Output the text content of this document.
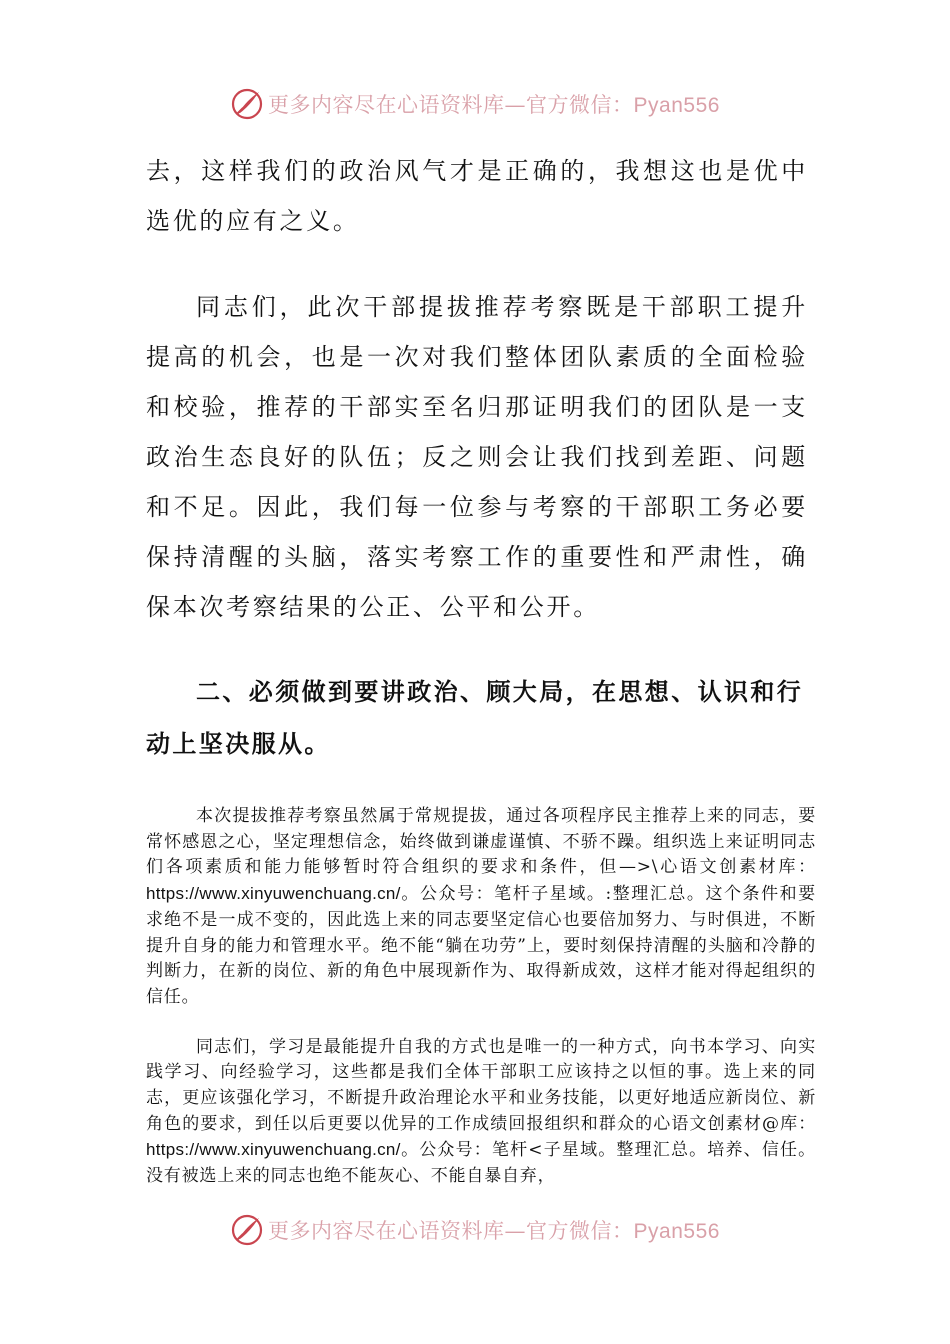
更多内容尽在心语资料库—官方微信：Pyan556

去，这样我们的政治风气才是正确的，我想这也是优中选优的应有之义。

同志们，此次干部提拔推荐考察既是干部职工提升提高的机会，也是一次对我们整体团队素质的全面检验和校验，推荐的干部实至名归那证明我们的团队是一支政治生态良好的队伍；反之则会让我们找到差距、问题和不足。因此，我们每一位参与考察的干部职工务必要保持清醒的头脑，落实考察工作的重要性和严肃性，确保本次考察结果的公正、公平和公开。

二、必须做到要讲政治、顾大局，在思想、认识和行动上坚决服从。

本次提拔推荐考察虽然属于常规提拔，通过各项程序民主推荐上来的同志，要常怀感恩之心，坚定理想信念，始终做到谦虚谨慎、不骄不躁。组织选上来证明同志们各项素质和能力能够暂时符合组织的要求和条件，但—>\心语文创素材库：https://www.xinyuwenchuang.cn/。公众号：笔杆子星域。:整理汇总。这个条件和要求绝不是一成不变的，因此选上来的同志要坚定信心也要倍加努力、与时俱进，不断提升自身的能力和管理水平。绝不能“躺在功劳”上，要时刻保持清醒的头脑和冷静的判断力，在新的岗位、新的角色中展现新作为、取得新成效，这样才能对得起组织的信任。

同志们，学习是最能提升自我的方式也是唯一的一种方式，向书本学习、向实践学习、向经验学习，这些都是我们全体干部职工应该持之以恒的事。选上来的同志，更应该强化学习，不断提升政治理论水平和业务技能，以更好地适应新岗位、新角色的要求，到任以后更要以优异的工作成绩回报组织和群众的心语文创素材@库：https://www.xinyuwenchuang.cn/。公众号：笔杆<子星域。整理汇总。培养、信任。没有被选上来的同志也绝不能灰心、不能自暴自弃，

更多内容尽在心语资料库—官方微信：Pyan556
